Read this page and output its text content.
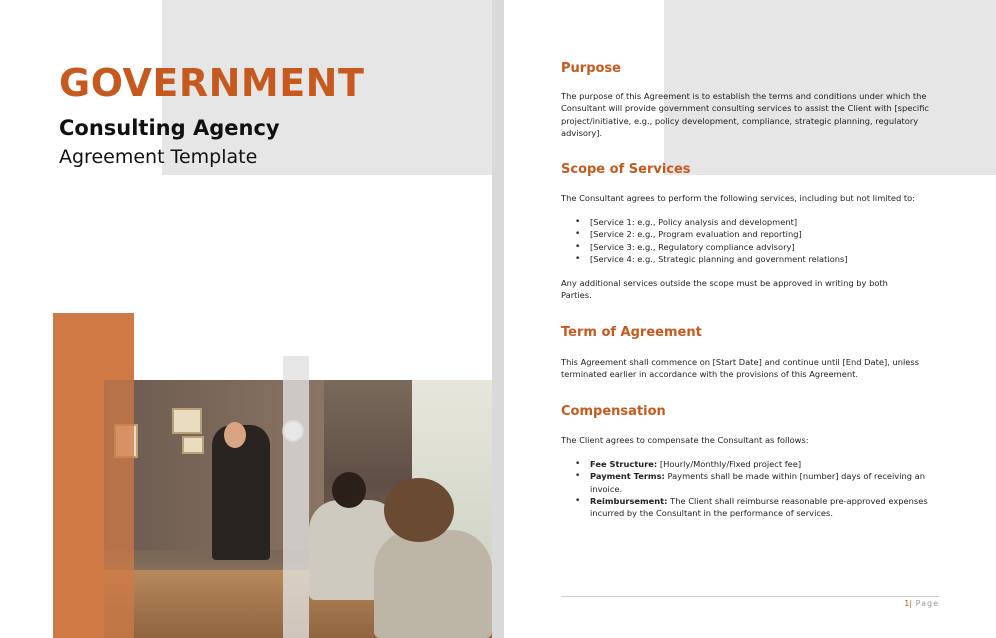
GOVERNMENT
Consulting Agency
Agreement Template
Purpose
The purpose of this Agreement is to establish the terms and conditions under which the Consultant will provide government consulting services to assist the Client with [specific project/initiative, e.g., policy development, compliance, strategic planning, regulatory advisory].
Scope of Services
The Consultant agrees to perform the following services, including but not limited to:
• [Service 1: e.g., Policy analysis and development]
• [Service 2: e.g., Program evaluation and reporting]
• [Service 3: e.g., Regulatory compliance advisory]
• [Service 4: e.g., Strategic planning and government relations]
Any additional services outside the scope must be approved in writing by both Parties.
Term of Agreement
This Agreement shall commence on [Start Date] and continue until [End Date], unless terminated earlier in accordance with the provisions of this Agreement.
Compensation
The Client agrees to compensate the Consultant as follows:
• Fee Structure: [Hourly/Monthly/Fixed project fee]
• Payment Terms: Payments shall be made within [number] days of receiving an invoice.
• Reimbursement: The Client shall reimburse reasonable pre-approved expenses incurred by the Consultant in the performance of services.
1| Page
